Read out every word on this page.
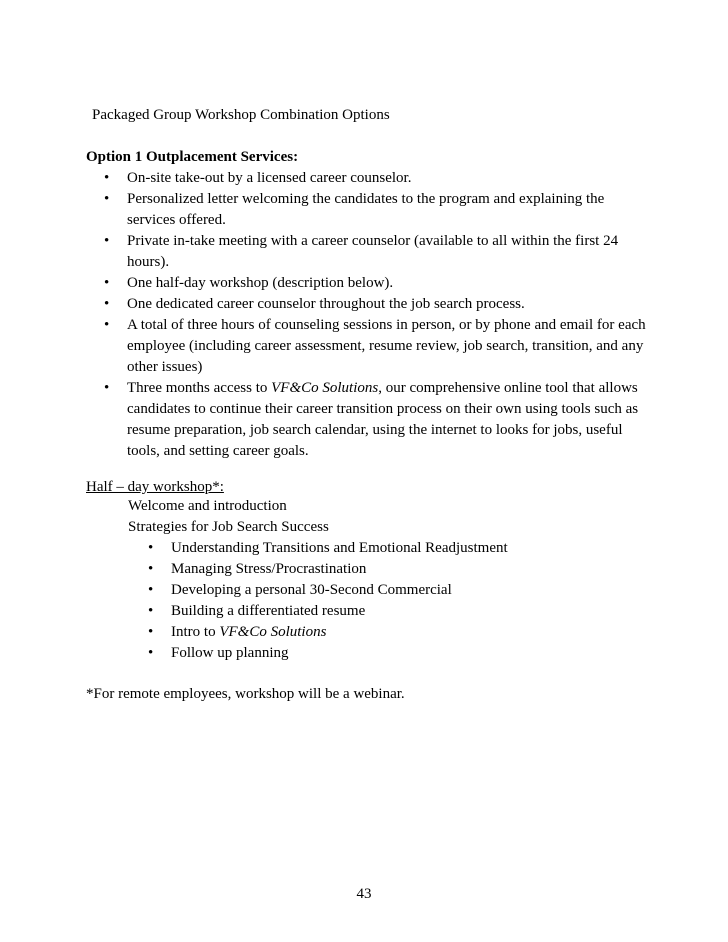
Packaged Group Workshop Combination Options
Option 1 Outplacement Services:
• On-site take-out by a licensed career counselor.
• Personalized letter welcoming the candidates to the program and explaining the services offered.
• Private in-take meeting with a career counselor (available to all within the first 24 hours).
• One half-day workshop (description below).
• One dedicated career counselor throughout the job search process.
• A total of three hours of counseling sessions in person, or by phone and email for each employee (including career assessment, resume review, job search, transition, and any other issues)
• Three months access to VF&Co Solutions, our comprehensive online tool that allows candidates to continue their career transition process on their own using tools such as resume preparation, job search calendar, using the internet to looks for jobs, useful tools, and setting career goals.
Half – day workshop*:
Welcome and introduction
Strategies for Job Search Success
• Understanding Transitions and Emotional Readjustment
• Managing Stress/Procrastination
• Developing a personal 30-Second Commercial
• Building a differentiated resume
• Intro to VF&Co Solutions
• Follow up planning
*For remote employees, workshop will be a webinar.
43
